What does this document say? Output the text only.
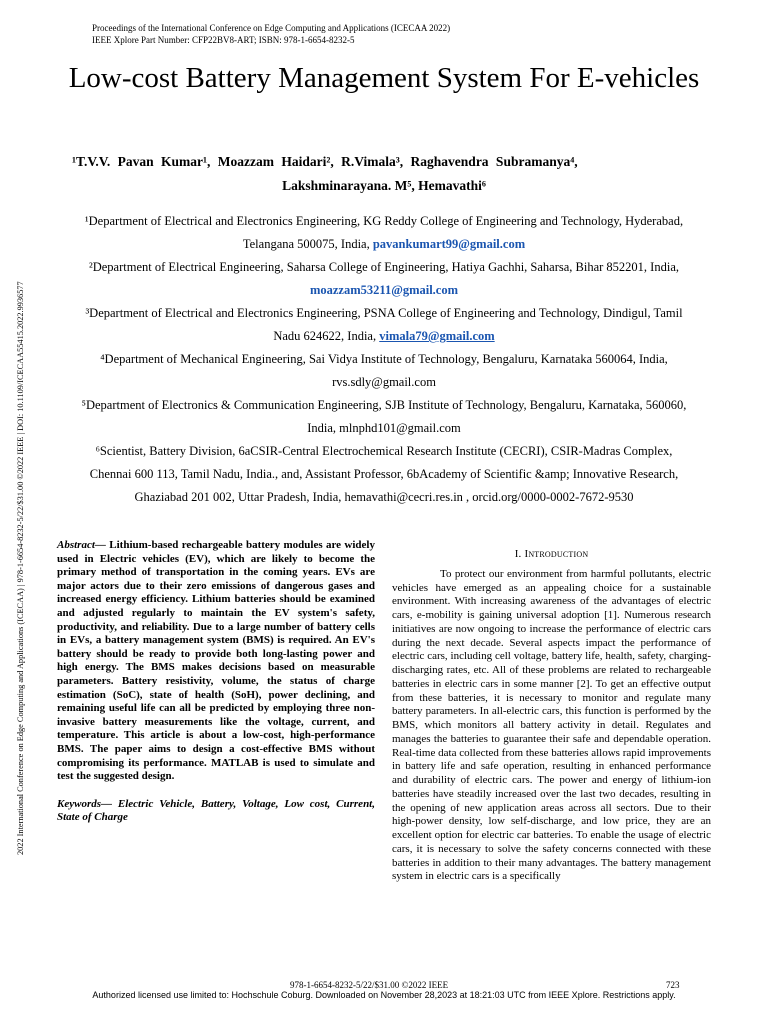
Proceedings of the International Conference on Edge Computing and Applications (ICECAA 2022)
IEEE Xplore Part Number: CFP22BV8-ART; ISBN: 978-1-6654-8232-5
Low-cost Battery Management System For E-vehicles
¹T.V.V. Pavan Kumar¹, Moazzam Haidari², R.Vimala³, Raghavendra Subramanya⁴,
Lakshminarayana. M⁵, Hemavathi⁶
¹Department of Electrical and Electronics Engineering, KG Reddy College of Engineering and Technology, Hyderabad, Telangana 500075, India, pavankumart99@gmail.com
²Department of Electrical Engineering, Saharsa College of Engineering, Hatiya Gachhi, Saharsa, Bihar 852201, India, moazzam53211@gmail.com
³Department of Electrical and Electronics Engineering, PSNA College of Engineering and Technology, Dindigul, Tamil Nadu 624622, India, vimala79@gmail.com
⁴Department of Mechanical Engineering, Sai Vidya Institute of Technology, Bengaluru, Karnataka 560064, India, rvs.sdly@gmail.com
⁵Department of Electronics & Communication Engineering, SJB Institute of Technology, Bengaluru, Karnataka, 560060, India, mlnphd101@gmail.com
⁶Scientist, Battery Division, 6aCSIR-Central Electrochemical Research Institute (CECRI), CSIR-Madras Complex, Chennai 600 113, Tamil Nadu, India., and, Assistant Professor, 6bAcademy of Scientific &amp; Innovative Research, Ghaziabad 201 002, Uttar Pradesh, India, hemavathi@cecri.res.in , orcid.org/0000-0002-7672-9530
2022 International Conference on Edge Computing and Applications (ICECAA) | 978-1-6654-8232-5/22/$31.00 ©2022 IEEE | DOI: 10.1109/ICECAA55415.2022.9936577	Abstract— Lithium-based rechargeable battery modules are widely used in Electric vehicles (EV), which are likely to become the primary method of transportation in the coming years. EVs are major actors due to their zero emissions of dangerous gases and increased energy efficiency. Lithium batteries should be examined and adjusted regularly to maintain the EV system's safety, productivity, and reliability. Due to a large number of battery cells in EVs, a battery management system (BMS) is required. An EV's battery should be ready to provide both long-lasting power and high energy. The BMS makes decisions based on measurable parameters. Battery resistivity, volume, the status of charge estimation (SoC), state of health (SoH), power declining, and remaining useful life can all be predicted by employing three non-invasive battery measurements like the voltage, current, and temperature. This article is about a low-cost, high-performance BMS. The paper aims to design a cost-effective BMS without compromising its performance. MATLAB is used to simulate and test the suggested design.
Keywords— Electric Vehicle, Battery, Voltage, Low cost, Current, State of Charge
I. Introduction

To protect our environment from harmful pollutants, electric vehicles have emerged as an appealing choice for a sustainable environment. With increasing awareness of the advantages of electric cars, e-mobility is gaining universal adoption [1]. Numerous research initiatives are now ongoing to increase the performance of electric cars during the next decade. Several aspects impact the performance of electric cars, including cell voltage, battery life, health, safety, charging-discharging rates, etc. All of these problems are related to rechargeable batteries in electric cars in some manner [2]. To get an effective output from these batteries, it is necessary to monitor and regulate many battery parameters. In all-electric cars, this function is performed by the BMS, which monitors all battery activity in detail. Regulates and manages the batteries to guarantee their safe and dependable operation. Real-time data collected from these batteries allows rapid improvements in battery life and safe operation, resulting in enhanced performance and durability of electric cars. The power and energy of lithium-ion batteries have steadily increased over the last two decades, resulting in the opening of new application areas across all sectors. Due to their high-power density, low self-discharge, and low price, they are an excellent option for electric car batteries. To enable the usage of electric cars, it is necessary to solve the safety concerns connected with these batteries in addition to their many advantages. The battery management system in electric cars is a specifically

978-1-6654-8232-5/22/$31.00 ©2022 IEEE	723
Authorized licensed use limited to: Hochschule Coburg. Downloaded on November 28,2023 at 18:21:03 UTC from IEEE Xplore. Restrictions apply.
